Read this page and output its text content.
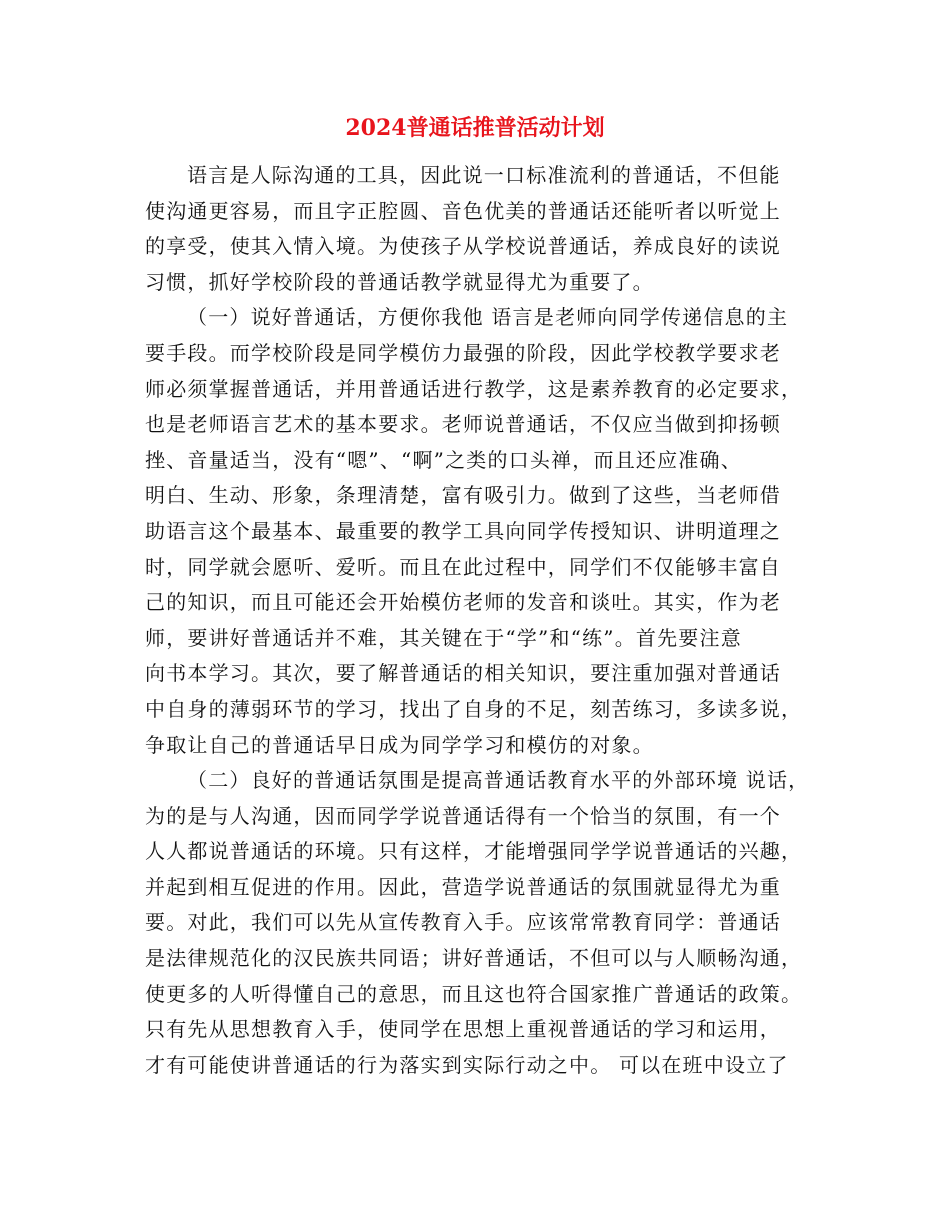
2024普通话推普活动计划
语言是人际沟通的工具，因此说一口标准流利的普通话，不但能
使沟通更容易，而且字正腔圆、音色优美的普通话还能听者以听觉上
的享受，使其入情入境。为使孩子从学校说普通话，养成良好的读说
习惯，抓好学校阶段的普通话教学就显得尤为重要了。
（一）说好普通话，方便你我他 语言是老师向同学传递信息的主
要手段。而学校阶段是同学模仿力最强的阶段，因此学校教学要求老
师必须掌握普通话，并用普通话进行教学，这是素养教育的必定要求，
也是老师语言艺术的基本要求。老师说普通话，不仅应当做到抑扬顿
挫、音量适当，没有“嗯”、“啊”之类的口头禅，而且还应准确、
明白、生动、形象，条理清楚，富有吸引力。做到了这些，当老师借
助语言这个最基本、最重要的教学工具向同学传授知识、讲明道理之
时，同学就会愿听、爱听。而且在此过程中，同学们不仅能够丰富自
己的知识，而且可能还会开始模仿老师的发音和谈吐。其实，作为老
师，要讲好普通话并不难，其关键在于“学”和“练”。首先要注意
向书本学习。其次，要了解普通话的相关知识，要注重加强对普通话
中自身的薄弱环节的学习，找出了自身的不足，刻苦练习，多读多说，
争取让自己的普通话早日成为同学学习和模仿的对象。
（二）良好的普通话氛围是提高普通话教育水平的外部环境 说话，
为的是与人沟通，因而同学学说普通话得有一个恰当的氛围，有一个
人人都说普通话的环境。只有这样，才能增强同学学说普通话的兴趣，
并起到相互促进的作用。因此，营造学说普通话的氛围就显得尤为重
要。对此，我们可以先从宣传教育入手。应该常常教育同学：普通话
是法律规范化的汉民族共同语；讲好普通话，不但可以与人顺畅沟通，
使更多的人听得懂自己的意思，而且这也符合国家推广普通话的政策。
只有先从思想教育入手，使同学在思想上重视普通话的学习和运用，
才有可能使讲普通话的行为落实到实际行动之中。 可以在班中设立了
